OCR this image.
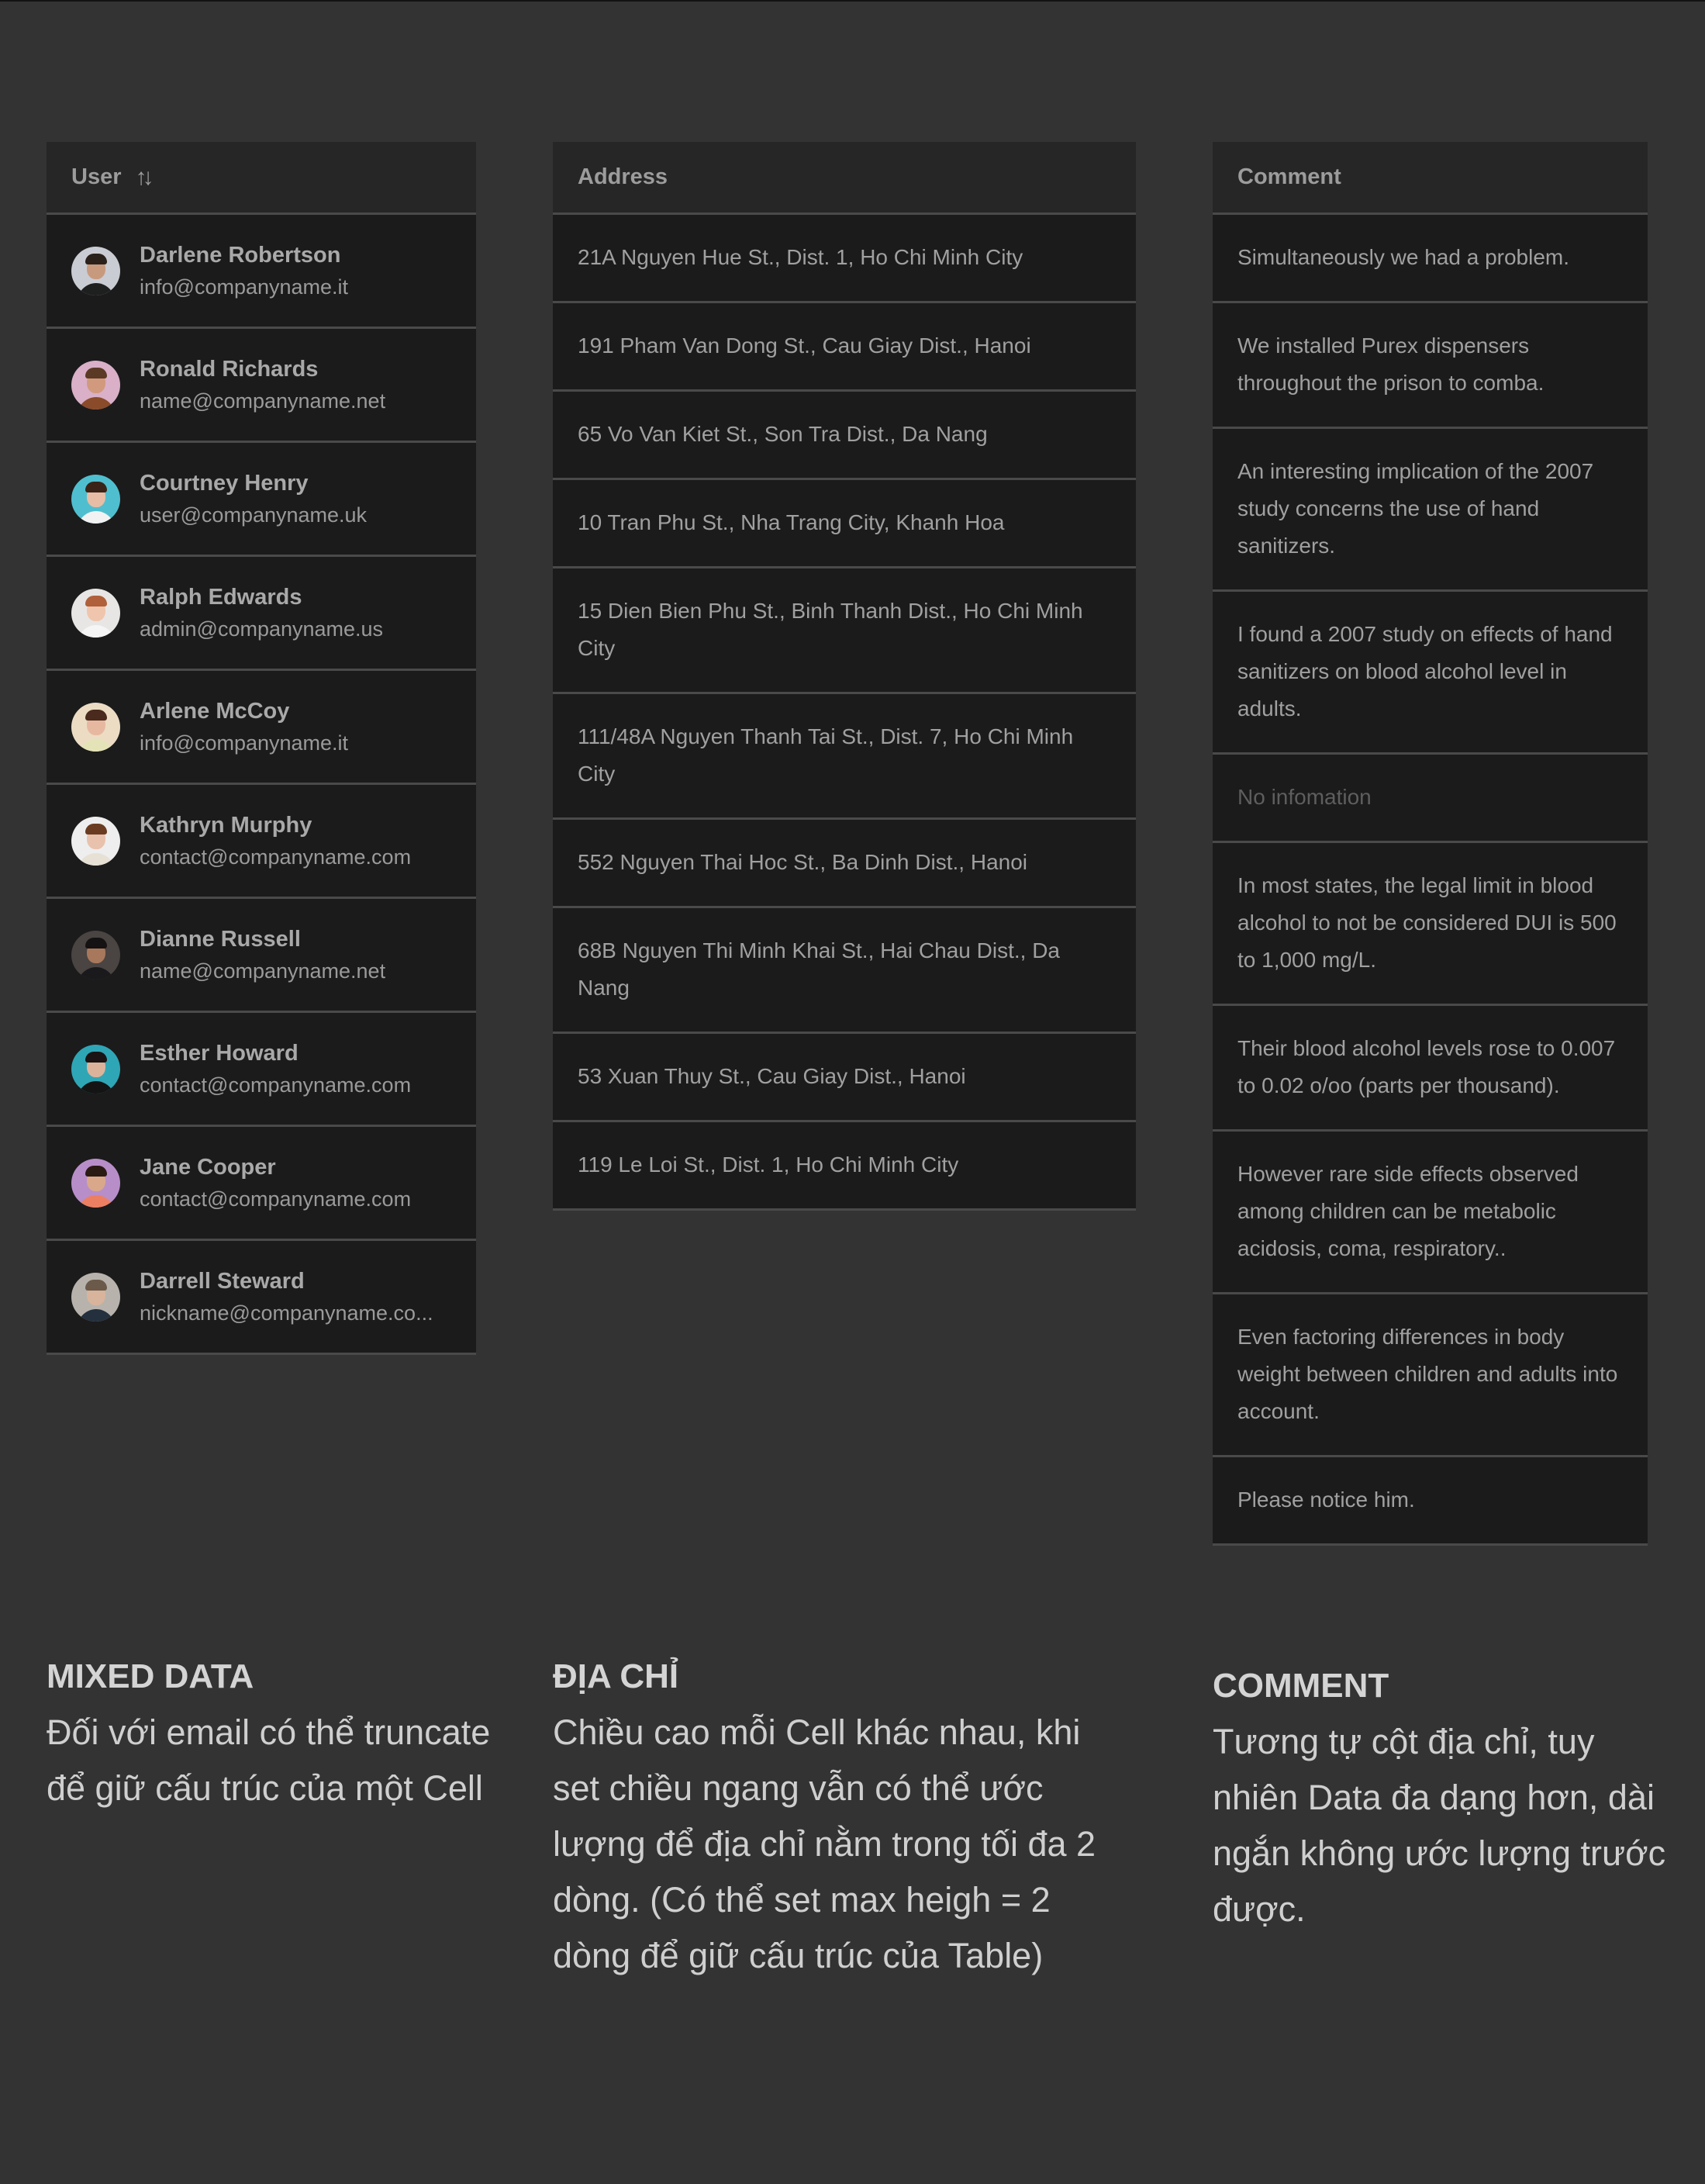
User ↑↓
Darlene Robertson
info@companyname.it
Ronald Richards
name@companyname.net
Courtney Henry
user@companyname.uk
Ralph Edwards
admin@companyname.us
Arlene McCoy
info@companyname.it
Kathryn Murphy
contact@companyname.com
Dianne Russell
name@companyname.net
Esther Howard
contact@companyname.com
Jane Cooper
contact@companyname.com
Darrell Steward
nickname@companyname.co...
Address
21A Nguyen Hue St., Dist. 1, Ho Chi Minh City
191 Pham Van Dong St., Cau Giay Dist., Hanoi
65 Vo Van Kiet St., Son Tra Dist., Da Nang
10 Tran Phu St., Nha Trang City, Khanh Hoa
15 Dien Bien Phu St., Binh Thanh Dist., Ho Chi Minh City
111/48A Nguyen Thanh Tai St., Dist. 7, Ho Chi Minh City
552 Nguyen Thai Hoc St., Ba Dinh Dist., Hanoi
68B Nguyen Thi Minh Khai St., Hai Chau Dist., Da Nang
53 Xuan Thuy St., Cau Giay Dist., Hanoi
119 Le Loi St., Dist. 1, Ho Chi Minh City
Comment
Simultaneously we had a problem.
We installed Purex dispensers throughout the prison to comba.
An interesting implication of the 2007 study concerns the use of hand sanitizers.
I found a 2007 study on effects of hand sanitizers on blood alcohol level in adults.
No infomation
In most states, the legal limit in blood alcohol to not be considered DUI is 500 to 1,000 mg/L.
Their blood alcohol levels rose to 0.007 to 0.02 o/oo (parts per thousand).
However rare side effects observed among children can be metabolic acidosis, coma, respiratory..
Even factoring differences in body weight between children and adults into account.
Please notice him.
MIXED DATA
Đối với email có thể truncate để giữ cấu trúc của một Cell
ĐỊA CHỈ
Chiều cao mỗi Cell khác nhau, khi set chiều ngang vẫn có thể ước lượng để địa chỉ nằm trong tối đa 2 dòng. (Có thể set max heigh = 2 dòng để giữ cấu trúc của Table)
COMMENT
Tương tự cột địa chỉ, tuy nhiên Data đa dạng hơn, dài ngắn không ước lượng trước được.
